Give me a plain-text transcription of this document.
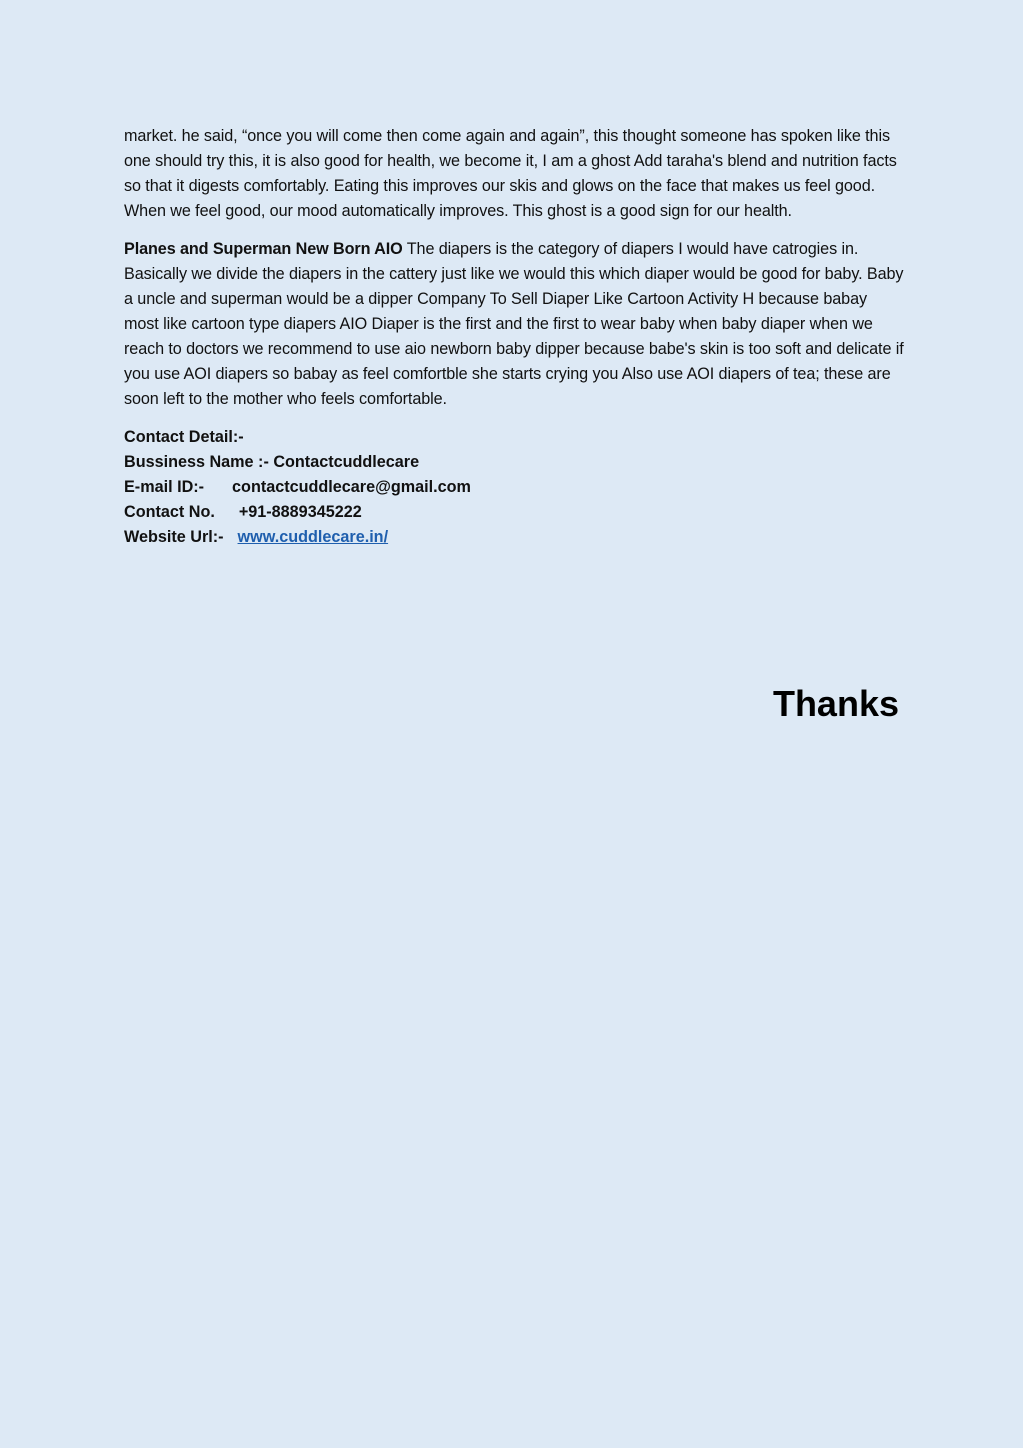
market. he said, “once you will come then come again and again”, this thought someone has spoken like this one should try this, it is also good for health, we become it, I am a ghost Add taraha's blend and nutrition facts so that it digests comfortably. Eating this improves our skis and glows on the face that makes us feel good. When we feel good, our mood automatically improves. This ghost is a good sign for our health.

Planes and Superman New Born AIO The diapers is the category of diapers I would have catrogies in. Basically we divide the diapers in the cattery just like we would this which diaper would be good for baby. Baby a uncle and superman would be a dipper Company To Sell Diaper Like Cartoon Activity H because babay most like cartoon type diapers AIO Diaper is the first and the first to wear baby when baby diaper when we reach to doctors we recommend to use aio newborn baby dipper because babe's skin is too soft and delicate if you use AOI diapers so babay as feel comfortble she starts crying you Also use AOI diapers of tea; these are soon left to the mother who feels comfortable.

Contact Detail:-
Bussiness Name :- Contactcuddlecare
E-mail ID:- contactcuddlecare@gmail.com
Contact No. +91-8889345222
Website Url:- www.cuddlecare.in/
Thanks
